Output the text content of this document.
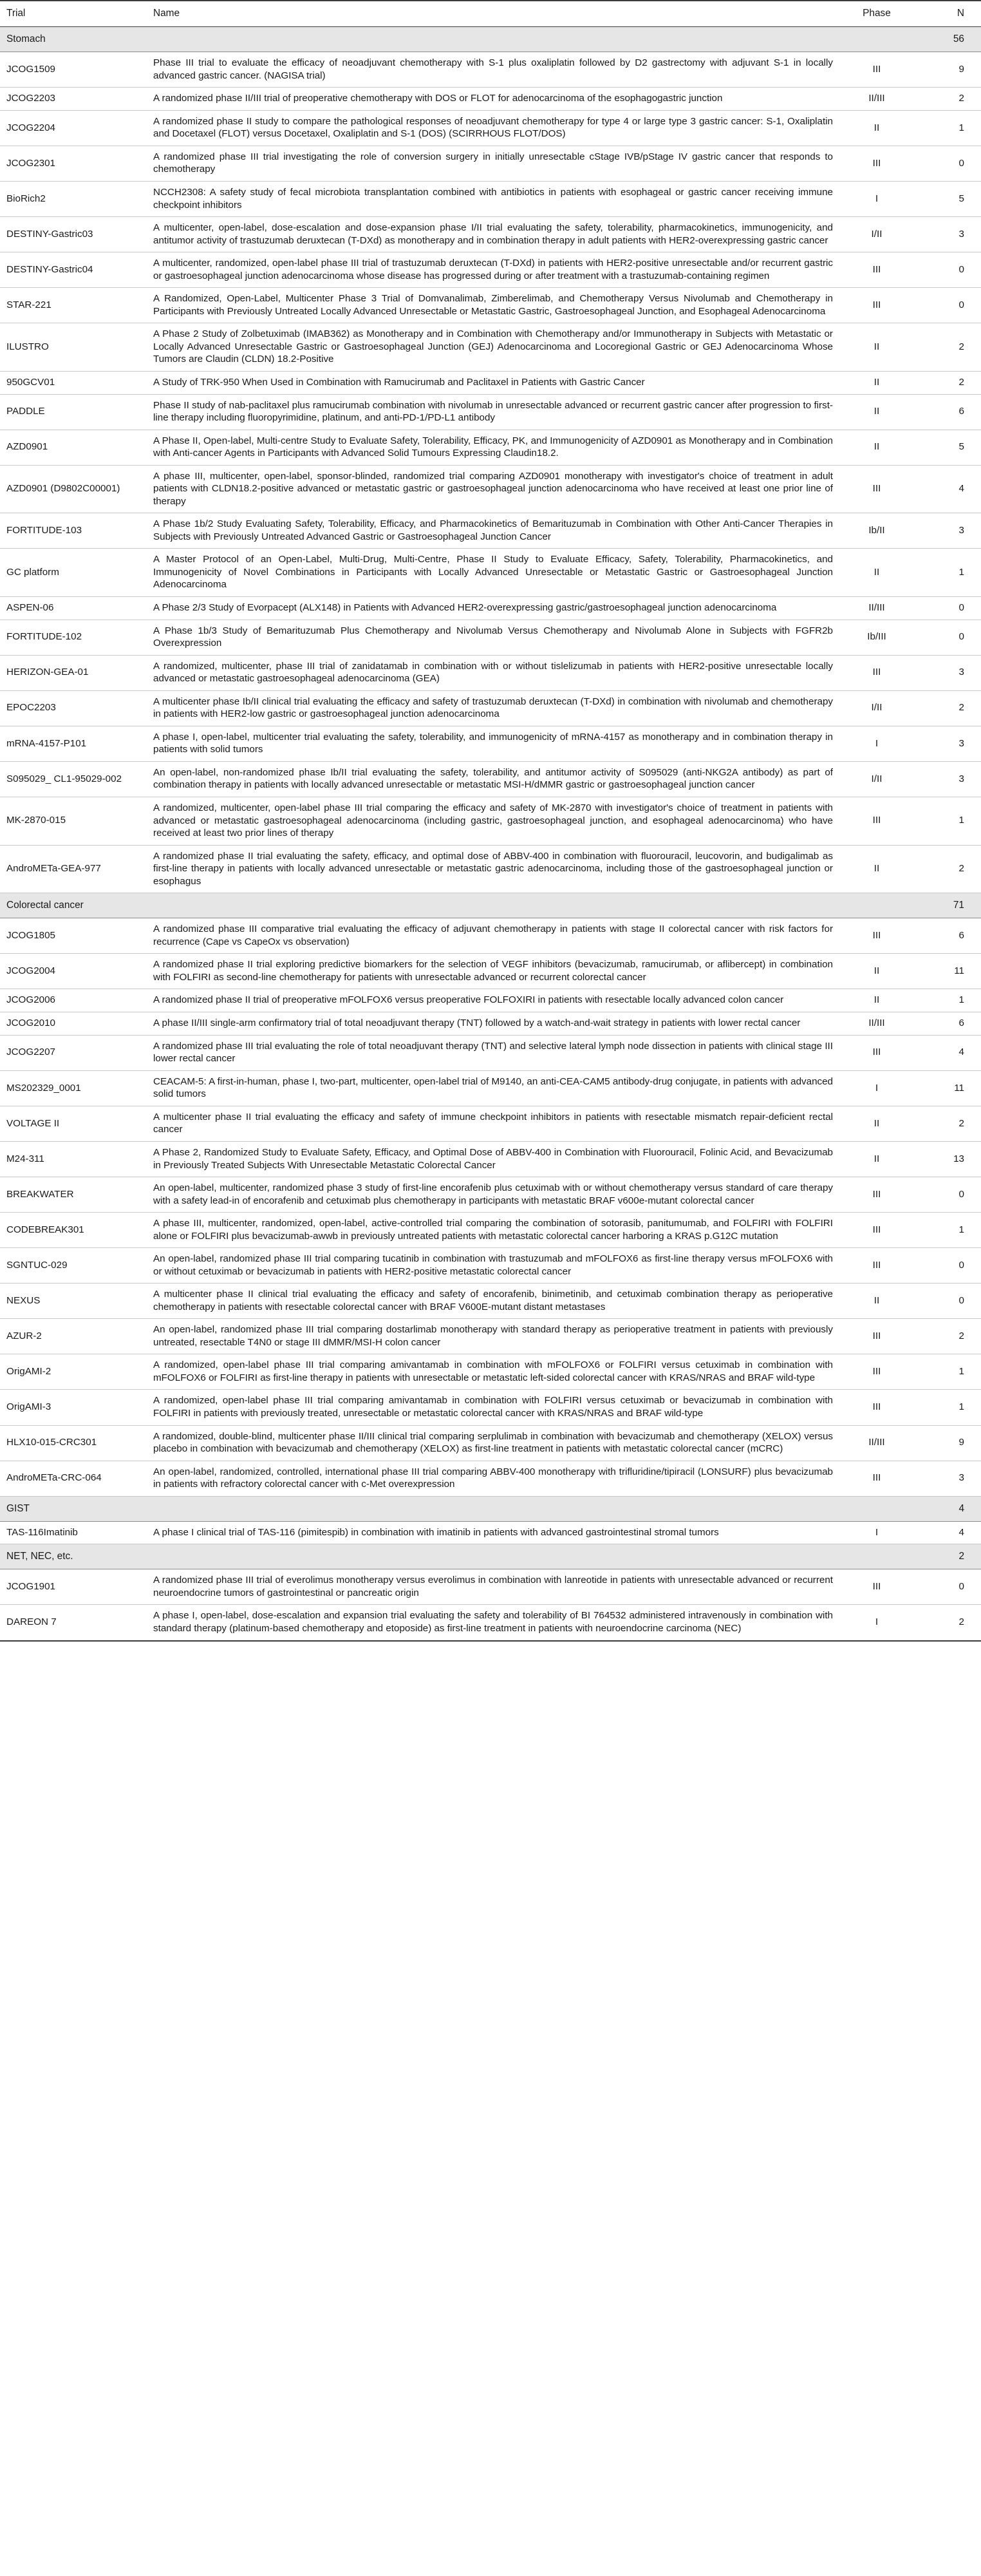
Trial	Name	Phase	N
Stomach			56
JCOG1509	Phase III trial to evaluate the efficacy of neoadjuvant chemotherapy with S-1 plus oxaliplatin followed by D2 gastrectomy with adjuvant S-1 in locally advanced gastric cancer. (NAGISA trial)	III	9
JCOG2203	A randomized phase II/III trial of preoperative chemotherapy with DOS or FLOT for adenocarcinoma of the esophagogastric junction	II/III	2
JCOG2204	A randomized phase II study to compare the pathological responses of neoadjuvant chemotherapy for type 4 or large type 3 gastric cancer: S-1, Oxaliplatin and Docetaxel (FLOT) versus Docetaxel, Oxaliplatin and S-1 (DOS) (SCIRRHOUS FLOT/DOS)	II	1
JCOG2301	A randomized phase III trial investigating the role of conversion surgery in initially unresectable cStage IVB/pStage IV gastric cancer that responds to chemotherapy	III	0
BioRich2	NCCH2308: A safety study of fecal microbiota transplantation combined with antibiotics in patients with esophageal or gastric cancer receiving immune checkpoint inhibitors	I	5
DESTINY-Gastric03	A multicenter, open-label, dose-escalation and dose-expansion phase I/II trial evaluating the safety, tolerability, pharmacokinetics, immunogenicity, and antitumor activity of trastuzumab deruxtecan (T-DXd) as monotherapy and in combination therapy in adult patients with HER2-overexpressing gastric cancer	I/II	3
DESTINY-Gastric04	A multicenter, randomized, open-label phase III trial of trastuzumab deruxtecan (T-DXd) in patients with HER2-positive unresectable and/or recurrent gastric or gastroesophageal junction adenocarcinoma whose disease has progressed during or after treatment with a trastuzumab-containing regimen	III	0
STAR-221	A Randomized, Open-Label, Multicenter Phase 3 Trial of Domvanalimab, Zimberelimab, and Chemotherapy Versus Nivolumab and Chemotherapy in Participants with Previously Untreated Locally Advanced Unresectable or Metastatic Gastric, Gastroesophageal Junction, and Esophageal Adenocarcinoma	III	0
ILUSTRO	A Phase 2 Study of Zolbetuximab (IMAB362) as Monotherapy and in Combination with Chemotherapy and/or Immunotherapy in Subjects with Metastatic or Locally Advanced Unresectable Gastric or Gastroesophageal Junction (GEJ) Adenocarcinoma and Locoregional Gastric or GEJ Adenocarcinoma Whose Tumors are Claudin (CLDN) 18.2-Positive	II	2
950GCV01	A Study of TRK-950 When Used in Combination with Ramucirumab and Paclitaxel in Patients with Gastric Cancer	II	2
PADDLE	Phase II study of nab-paclitaxel plus ramucirumab combination with nivolumab in unresectable advanced or recurrent gastric cancer after progression to first-line therapy including fluoropyrimidine, platinum, and anti-PD-1/PD-L1 antibody	II	6
AZD0901	A Phase II, Open-label, Multi-centre Study to Evaluate Safety, Tolerability, Efficacy, PK, and Immunogenicity of AZD0901 as Monotherapy and in Combination with Anti-cancer Agents in Participants with Advanced Solid Tumours Expressing Claudin18.2.	II	5
AZD0901 (D9802C00001)	A phase III, multicenter, open-label, sponsor-blinded, randomized trial comparing AZD0901 monotherapy with investigator's choice of treatment in adult patients with CLDN18.2-positive advanced or metastatic gastric or gastroesophageal junction adenocarcinoma who have received at least one prior line of therapy	III	4
FORTITUDE-103	A Phase 1b/2 Study Evaluating Safety, Tolerability, Efficacy, and Pharmacokinetics of Bemarituzumab in Combination with Other Anti-Cancer Therapies in Subjects with Previously Untreated Advanced Gastric or Gastroesophageal Junction Cancer	Ib/II	3
GC platform	A Master Protocol of an Open-Label, Multi-Drug, Multi-Centre, Phase II Study to Evaluate Efficacy, Safety, Tolerability, Pharmacokinetics, and Immunogenicity of Novel Combinations in Participants with Locally Advanced Unresectable or Metastatic Gastric or Gastroesophageal Junction Adenocarcinoma	II	1
ASPEN-06	A Phase 2/3 Study of Evorpacept (ALX148) in Patients with Advanced HER2-overexpressing gastric/gastroesophageal junction adenocarcinoma	II/III	0
FORTITUDE-102	A Phase 1b/3 Study of Bemarituzumab Plus Chemotherapy and Nivolumab Versus Chemotherapy and Nivolumab Alone in Subjects with FGFR2b Overexpression	Ib/III	0
HERIZON-GEA-01	A randomized, multicenter, phase III trial of zanidatamab in combination with or without tislelizumab in patients with HER2-positive unresectable locally advanced or metastatic gastroesophageal adenocarcinoma (GEA)	III	3
EPOC2203	A multicenter phase Ib/II clinical trial evaluating the efficacy and safety of trastuzumab deruxtecan (T-DXd) in combination with nivolumab and chemotherapy in patients with HER2-low gastric or gastroesophageal junction adenocarcinoma	I/II	2
mRNA-4157-P101	A phase I, open-label, multicenter trial evaluating the safety, tolerability, and immunogenicity of mRNA-4157 as monotherapy and in combination therapy in patients with solid tumors	I	3
S095029_ CL1-95029-002	An open-label, non-randomized phase Ib/II trial evaluating the safety, tolerability, and antitumor activity of S095029 (anti-NKG2A antibody) as part of combination therapy in patients with locally advanced unresectable or metastatic MSI-H/dMMR gastric or gastroesophageal junction cancer	I/II	3
MK-2870-015	A randomized, multicenter, open-label phase III trial comparing the efficacy and safety of MK-2870 with investigator's choice of treatment in patients with advanced or metastatic gastroesophageal adenocarcinoma (including gastric, gastroesophageal junction, and esophageal adenocarcinoma) who have received at least two prior lines of therapy	III	1
AndroMETa-GEA-977	A randomized phase II trial evaluating the safety, efficacy, and optimal dose of ABBV-400 in combination with fluorouracil, leucovorin, and budigalimab as first-line therapy in patients with locally advanced unresectable or metastatic gastric adenocarcinoma, including those of the gastroesophageal junction or esophagus	II	2
Colorectal cancer			71
JCOG1805	A randomized phase III comparative trial evaluating the efficacy of adjuvant chemotherapy in patients with stage II colorectal cancer with risk factors for recurrence (Cape vs CapeOx vs observation)	III	6
JCOG2004	A randomized phase II trial exploring predictive biomarkers for the selection of VEGF inhibitors (bevacizumab, ramucirumab, or aflibercept) in combination with FOLFIRI as second-line chemotherapy for patients with unresectable advanced or recurrent colorectal cancer	II	11
JCOG2006	A randomized phase II trial of preoperative mFOLFOX6 versus preoperative FOLFOXIRI in patients with resectable locally advanced colon cancer	II	1
JCOG2010	A phase II/III single-arm confirmatory trial of total neoadjuvant therapy (TNT) followed by a watch-and-wait strategy in patients with lower rectal cancer	II/III	6
JCOG2207	A randomized phase III trial evaluating the role of total neoadjuvant therapy (TNT) and selective lateral lymph node dissection in patients with clinical stage III lower rectal cancer	III	4
MS202329_0001	CEACAM-5: A first-in-human, phase I, two-part, multicenter, open-label trial of M9140, an anti-CEA-CAM5 antibody-drug conjugate, in patients with advanced solid tumors	I	11
VOLTAGE II	A multicenter phase II trial evaluating the efficacy and safety of immune checkpoint inhibitors in patients with resectable mismatch repair-deficient rectal cancer	II	2
M24-311	A Phase 2, Randomized Study to Evaluate Safety, Efficacy, and Optimal Dose of ABBV-400 in Combination with Fluorouracil, Folinic Acid, and Bevacizumab in Previously Treated Subjects With Unresectable Metastatic Colorectal Cancer	II	13
BREAKWATER	An open-label, multicenter, randomized phase 3 study of first-line encorafenib plus cetuximab with or without chemotherapy versus standard of care therapy with a safety lead-in of encorafenib and cetuximab plus chemotherapy in participants with metastatic BRAF v600e-mutant colorectal cancer	III	0
CODEBREAK301	A phase III, multicenter, randomized, open-label, active-controlled trial comparing the combination of sotorasib, panitumumab, and FOLFIRI with FOLFIRI alone or FOLFIRI plus bevacizumab-awwb in previously untreated patients with metastatic colorectal cancer harboring a KRAS p.G12C mutation	III	1
SGNTUC-029	An open-label, randomized phase III trial comparing tucatinib in combination with trastuzumab and mFOLFOX6 as first-line therapy versus mFOLFOX6 with or without cetuximab or bevacizumab in patients with HER2-positive metastatic colorectal cancer	III	0
NEXUS	A multicenter phase II clinical trial evaluating the efficacy and safety of encorafenib, binimetinib, and cetuximab combination therapy as perioperative chemotherapy in patients with resectable colorectal cancer with BRAF V600E-mutant distant metastases	II	0
AZUR-2	An open-label, randomized phase III trial comparing dostarlimab monotherapy with standard therapy as perioperative treatment in patients with previously untreated, resectable T4N0 or stage III dMMR/MSI-H colon cancer	III	2
OrigAMI-2	A randomized, open-label phase III trial comparing amivantamab in combination with mFOLFOX6 or FOLFIRI versus cetuximab in combination with mFOLFOX6 or FOLFIRI as first-line therapy in patients with unresectable or metastatic left-sided colorectal cancer with KRAS/NRAS and BRAF wild-type	III	1
OrigAMI-3	A randomized, open-label phase III trial comparing amivantamab in combination with FOLFIRI versus cetuximab or bevacizumab in combination with FOLFIRI in patients with previously treated, unresectable or metastatic colorectal cancer with KRAS/NRAS and BRAF wild-type	III	1
HLX10-015-CRC301	A randomized, double-blind, multicenter phase II/III clinical trial comparing serplulimab in combination with bevacizumab and chemotherapy (XELOX) versus placebo in combination with bevacizumab and chemotherapy (XELOX) as first-line treatment in patients with metastatic colorectal cancer (mCRC)	II/III	9
AndroMETa-CRC-064	An open-label, randomized, controlled, international phase III trial comparing ABBV-400 monotherapy with trifluridine/tipiracil (LONSURF) plus bevacizumab in patients with refractory colorectal cancer with c-Met overexpression	III	3
GIST			4
TAS-116Imatinib	A phase I clinical trial of TAS-116 (pimitespib) in combination with imatinib in patients with advanced gastrointestinal stromal tumors	I	4
NET, NEC, etc.			2
JCOG1901	A randomized phase III trial of everolimus monotherapy versus everolimus in combination with lanreotide in patients with unresectable advanced or recurrent neuroendocrine tumors of gastrointestinal or pancreatic origin	III	0
DAREON 7	A phase I, open-label, dose-escalation and expansion trial evaluating the safety and tolerability of BI 764532 administered intravenously in combination with standard therapy (platinum-based chemotherapy and etoposide) as first-line treatment in patients with neuroendocrine carcinoma (NEC)	I	2
